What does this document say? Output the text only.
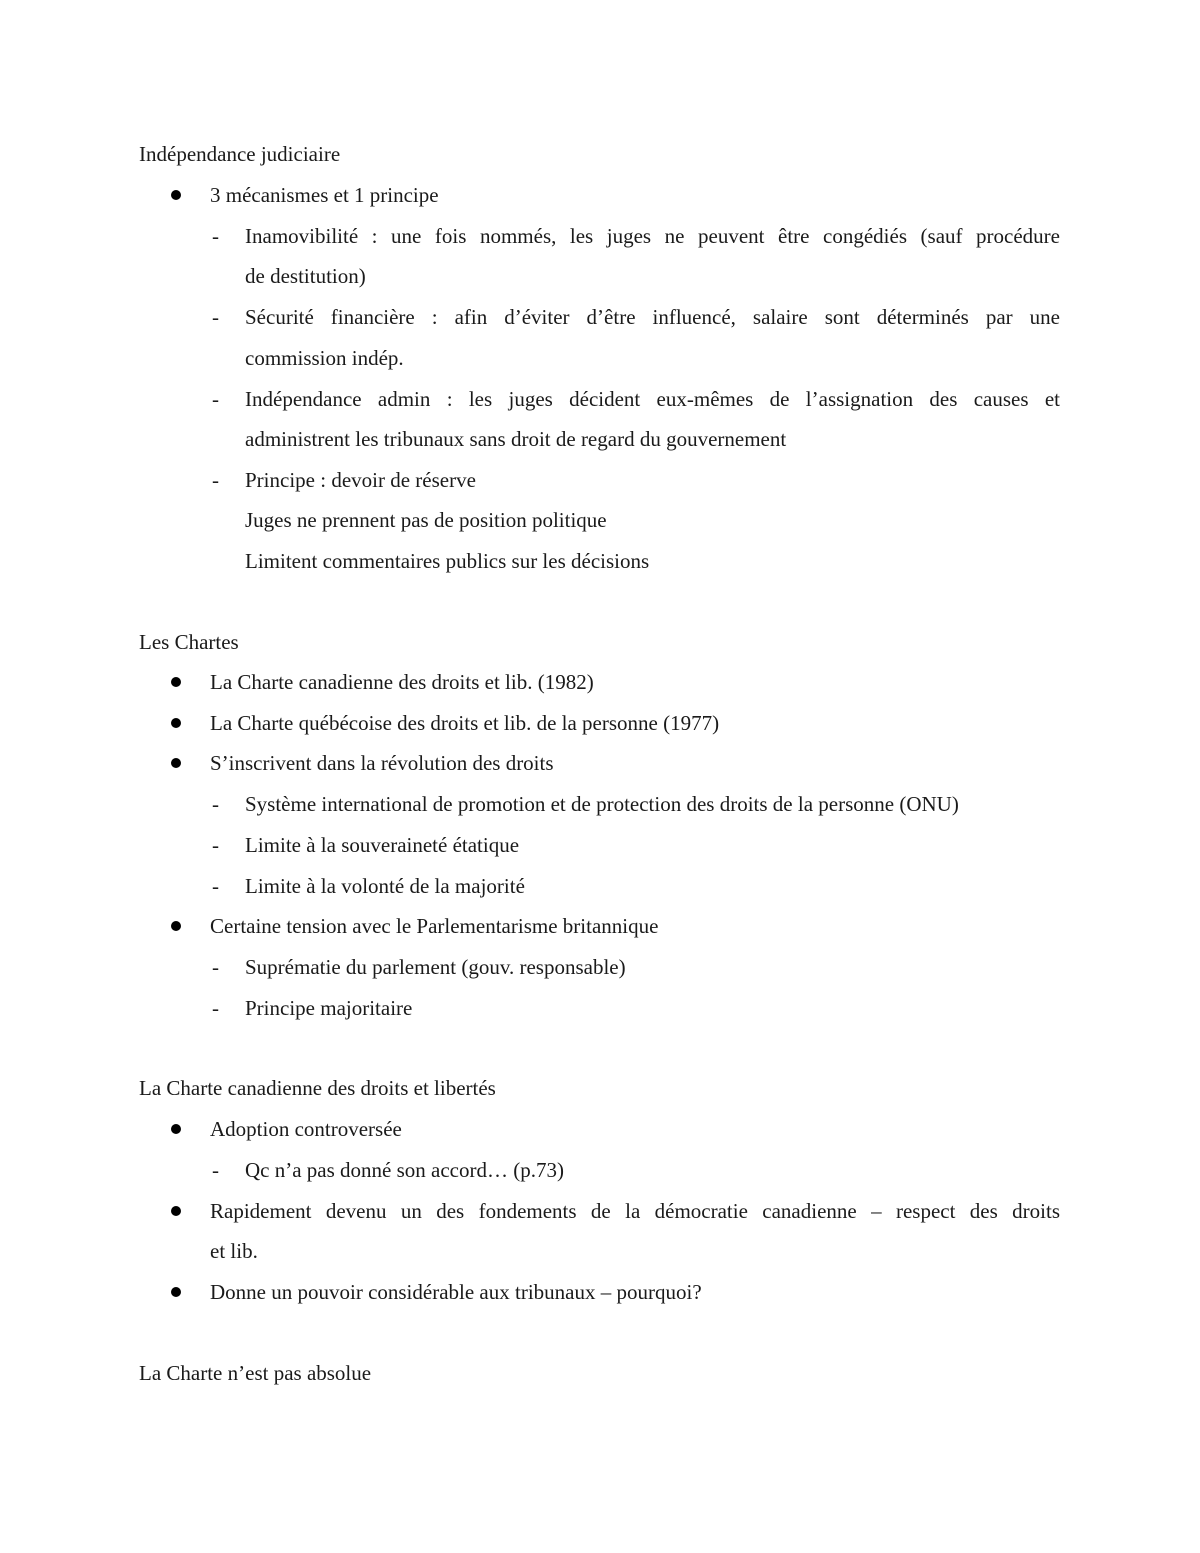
Indépendance judiciaire
3 mécanismes et 1 principe
- Inamovibilité : une fois nommés, les juges ne peuvent être congédiés (sauf procédure
de destitution)
- Sécurité financière : afin d’éviter d’être influencé, salaire sont déterminés par une
commission indép.
- Indépendance admin : les juges décident eux-mêmes de l’assignation des causes et
administrent les tribunaux sans droit de regard du gouvernement
- Principe : devoir de réserve
Juges ne prennent pas de position politique
Limitent commentaires publics sur les décisions
Les Chartes
La Charte canadienne des droits et lib. (1982)
La Charte québécoise des droits et lib. de la personne (1977)
S’inscrivent dans la révolution des droits
- Système international de promotion et de protection des droits de la personne (ONU)
- Limite à la souveraineté étatique
- Limite à la volonté de la majorité
Certaine tension avec le Parlementarisme britannique
- Suprématie du parlement (gouv. responsable)
- Principe majoritaire
La Charte canadienne des droits et libertés
Adoption controversée
- Qc n’a pas donné son accord… (p.73)
Rapidement devenu un des fondements de la démocratie canadienne – respect des droits
et lib.
Donne un pouvoir considérable aux tribunaux – pourquoi?
La Charte n’est pas absolue
